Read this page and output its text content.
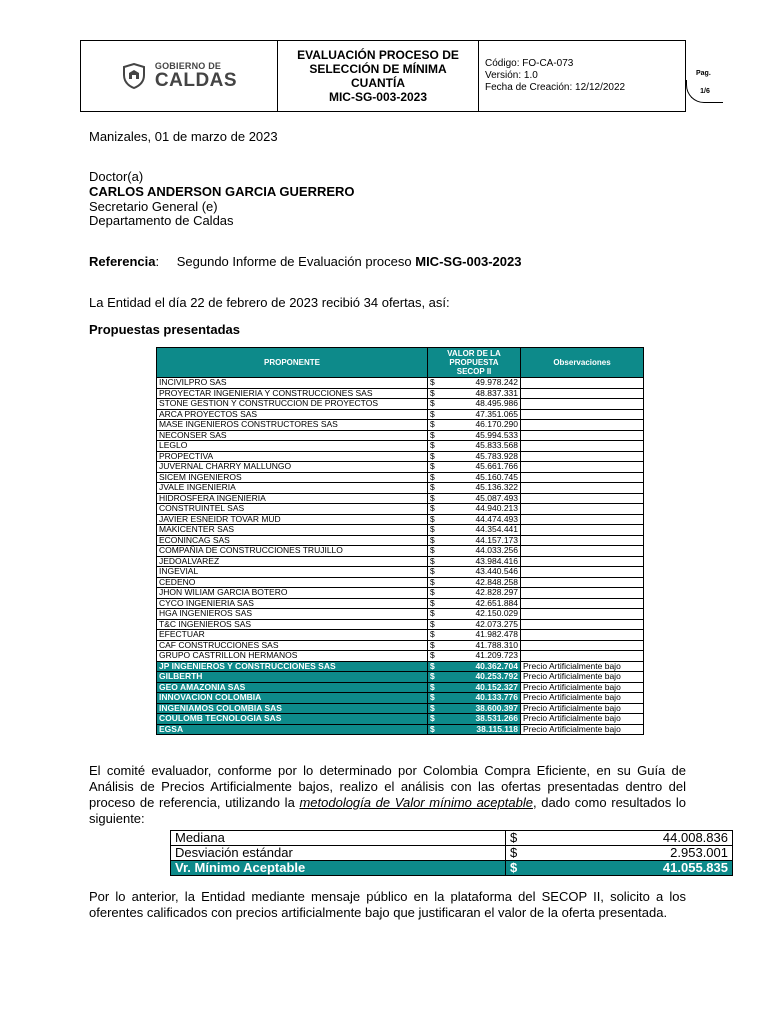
GOBIERNO DE
CALDAS
EVALUACIÓN PROCESO DE
SELECCIÓN DE MÍNIMA
CUANTÍA
MIC-SG-003-2023
Código: FO-CA-073
Versión: 1.0
Fecha de Creación: 12/12/2022
Pag.
1/6
Manizales, 01 de marzo de 2023
Doctor(a)
CARLOS ANDERSON GARCIA GUERRERO
Secretario General (e)
Departamento de Caldas
Referencia: Segundo Informe de Evaluación proceso MIC-SG-003-2023
La Entidad el día 22 de febrero de 2023 recibió 34 ofertas, así:
Propuestas presentadas
PROPONENTE	VALOR DE LA
PROPUESTA
SECOP II		Observaciones
INCIVILPRO SAS	$	49.978.242	
PROYECTAR INGENIERIA Y CONSTRUCCIONES SAS	$	48.837.331	
STONE GESTION Y CONSTRUCCION DE PROYECTOS	$	48.495.986	
ARCA PROYECTOS SAS	$	47.351.065	
MASE INGENIEROS CONSTRUCTORES SAS	$	46.170.290	
NECONSER SAS	$	45.994.533	
LEGLO	$	45.833.568	
PROPECTIVA	$	45.783.928	
JUVERNAL CHARRY MALLUNGO	$	45.661.766	
SICEM INGENIEROS	$	45.160.745	
JVALE INGENIERIA	$	45.136.322	
HIDROSFERA INGENIERIA	$	45.087.493	
CONSTRUINTEL SAS	$	44.940.213	
JAVIER ESNEIDR TOVAR MUD	$	44.474.493	
MAKICENTER SAS	$	44.354.441	
ECONINCAG SAS	$	44.157.173	
COMPAÑIA DE CONSTRUCCIONES TRUJILLO	$	44.033.256	
JEDOALVAREZ	$	43.984.416	
INGEVIAL	$	43.440.546	
CEDENO	$	42.848.258	
JHON WILIAM GARCIA BOTERO	$	42.828.297	
CYCO INGENIERIA SAS	$	42.651.884	
HGA INGENIEROS SAS	$	42.150.029	
T&C INGENIEROS SAS	$	42.073.275	
EFECTUAR	$	41.982.478	
CAF CONSTRUCCIONES SAS	$	41.788.310	
GRUPO CASTRILLON HERMANOS	$	41.209.723	
JP INGENIEROS Y CONSTRUCCIONES SAS	$	40.362.704	Precio Artificialmente bajo
GILBERTH	$	40.253.792	Precio Artificialmente bajo
GEO AMAZONIA SAS	$	40.152.327	Precio Artificialmente bajo
INNOVACION COLOMBIA	$	40.133.776	Precio Artificialmente bajo
INGENIAMOS COLOMBIA SAS	$	38.600.397	Precio Artificialmente bajo
COULOMB TECNOLOGIA SAS	$	38.531.266	Precio Artificialmente bajo
EGSA	$	38.115.118	Precio Artificialmente bajo
El comité evaluador, conforme por lo determinado por Colombia Compra Eficiente, en su Guía de Análisis de Precios Artificialmente bajos, realizo el análisis con las ofertas presentadas dentro del proceso de referencia, utilizando la metodología de Valor mínimo aceptable, dado como resultados lo siguiente:
Mediana	$	44.008.836
Desviación estándar	$	2.953.001
Vr. Mínimo Aceptable	$	41.055.835
Por lo anterior, la Entidad mediante mensaje público en la plataforma del SECOP II, solicito a los oferentes calificados con precios artificialmente bajo que justificaran el valor de la oferta presentada.
